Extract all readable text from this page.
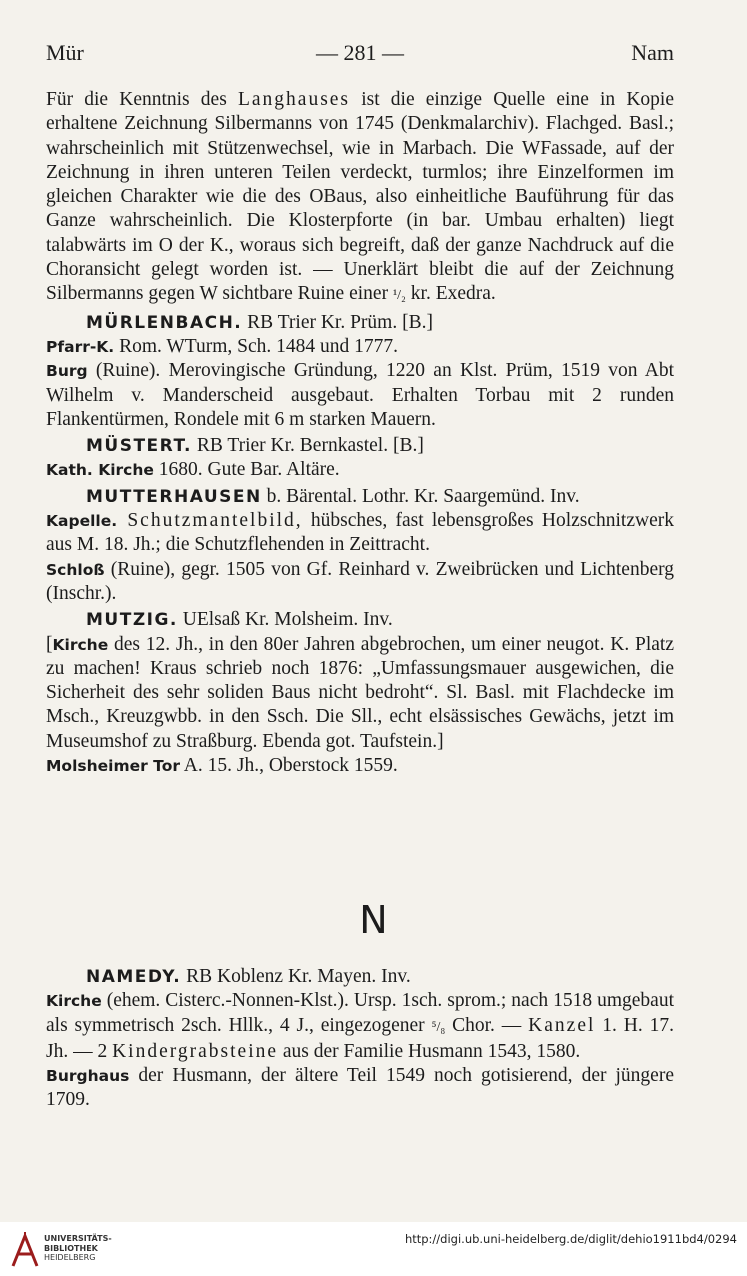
Mür	— 281 —	Nam

Für die Kenntnis des Langhauses ist die einzige Quelle eine in Kopie erhaltene Zeichnung Silbermanns von 1745 (Denkmalarchiv). Flachged. Basl.; wahrscheinlich mit Stützenwechsel, wie in Marbach. Die WFassade, auf der Zeichnung in ihren unteren Teilen verdeckt, turmlos; ihre Einzelformen im gleichen Charakter wie die des OBaus, also einheitliche Bauführung für das Ganze wahrscheinlich. Die Klosterpforte (in bar. Umbau erhalten) liegt talabwärts im O der K., woraus sich begreift, daß der ganze Nachdruck auf die Choransicht gelegt worden ist. — Unerklärt bleibt die auf der Zeichnung Silbermanns gegen W sichtbare Ruine einer ¹/₂ kr. Exedra.

MÜRLENBACH. RB Trier Kr. Prüm. [B.]

Pfarr-K. Rom. WTurm, Sch. 1484 und 1777.

Burg (Ruine). Merovingische Gründung, 1220 an Klst. Prüm, 1519 von Abt Wilhelm v. Manderscheid ausgebaut. Erhalten Torbau mit 2 runden Flankentürmen, Rondele mit 6 m starken Mauern.

MÜSTERT. RB Trier Kr. Bernkastel. [B.]

Kath. Kirche 1680. Gute Bar. Altäre.

MUTTERHAUSEN b. Bärental. Lothr. Kr. Saargemünd. Inv.

Kapelle. Schutzmantelbild, hübsches, fast lebensgroßes Holzschnitzwerk aus M. 18. Jh.; die Schutzflehenden in Zeittracht.

Schloß (Ruine), gegr. 1505 von Gf. Reinhard v. Zweibrücken und Lichtenberg (Inschr.).

MUTZIG. UElsaß Kr. Molsheim. Inv.

[Kirche des 12. Jh., in den 80er Jahren abgebrochen, um einer neugot. K. Platz zu machen! Kraus schrieb noch 1876: „Umfassungsmauer ausgewichen, die Sicherheit des sehr soliden Baus nicht bedroht“. Sl. Basl. mit Flachdecke im Msch., Kreuzgwbb. in den Ssch. Die Sll., echt elsässisches Gewächs, jetzt im Museumshof zu Straßburg. Ebenda got. Taufstein.]

Molsheimer Tor A. 15. Jh., Oberstock 1559.

N

NAMEDY. RB Koblenz Kr. Mayen. Inv.

Kirche (ehem. Cisterc.-Nonnen-Klst.). Ursp. 1sch. sprom.; nach 1518 umgebaut als symmetrisch 2sch. Hllk., 4 J., eingezogener ⁵/₈ Chor. — Kanzel 1. H. 17. Jh. — 2 Kindergrabsteine aus der Familie Husmann 1543, 1580.

Burghaus der Husmann, der ältere Teil 1549 noch gotisierend, der jüngere 1709.

UNIVERSITÄTS-
BIBLIOTHEK
HEIDELBERG
http://digi.ub.uni-heidelberg.de/diglit/dehio1911bd4/0294
